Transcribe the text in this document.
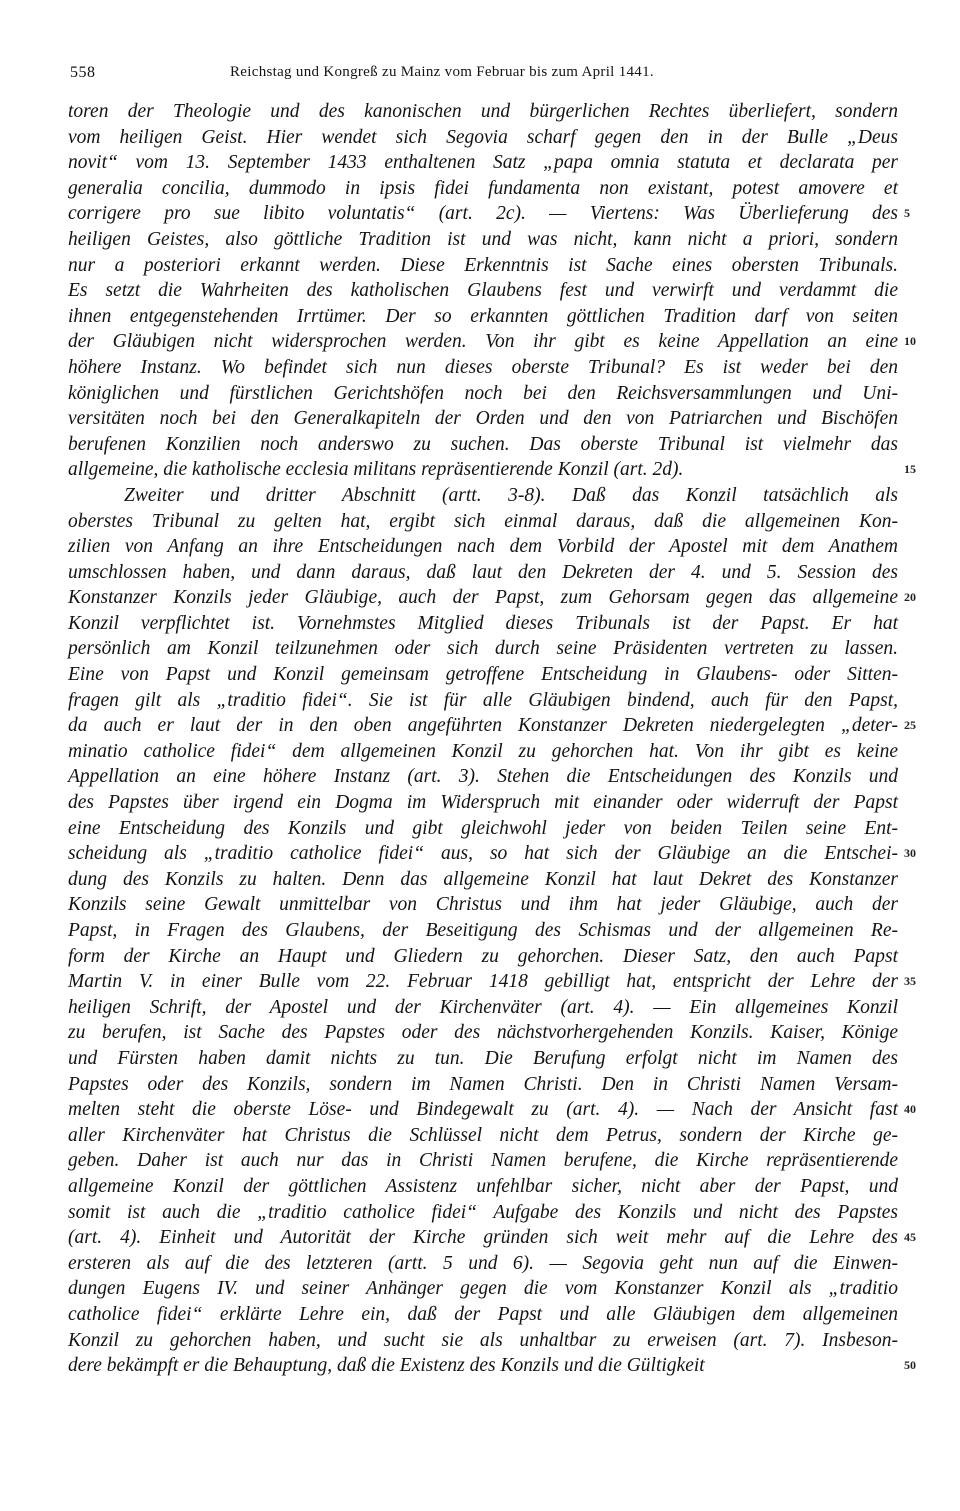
558	Reichstag und Kongreß zu Mainz vom Februar bis zum April 1441.
toren der Theologie und des kanonischen und bürgerlichen Rechtes überliefert, sondern
vom heiligen Geist. Hier wendet sich Segovia scharf gegen den in der Bulle „Deus
novit“ vom 13. September 1433 enthaltenen Satz „papa omnia statuta et declarata per
generalia concilia, dummodo in ipsis fidei fundamenta non existant, potest amovere et
corrigere pro sue libito voluntatis“ (art. 2c). — Viertens: Was Überlieferung des 5
heiligen Geistes, also göttliche Tradition ist und was nicht, kann nicht a priori, sondern
nur a posteriori erkannt werden. Diese Erkenntnis ist Sache eines obersten Tribunals.
Es setzt die Wahrheiten des katholischen Glaubens fest und verwirft und verdammt die
ihnen entgegenstehenden Irrtümer. Der so erkannten göttlichen Tradition darf von seiten
der Gläubigen nicht widersprochen werden. Von ihr gibt es keine Appellation an eine 10
höhere Instanz. Wo befindet sich nun dieses oberste Tribunal? Es ist weder bei den
königlichen und fürstlichen Gerichtshöfen noch bei den Reichsversammlungen und Uni-
versitäten noch bei den Generalkapiteln der Orden und den von Patriarchen und Bischöfen
berufenen Konzilien noch anderswo zu suchen. Das oberste Tribunal ist vielmehr das
allgemeine, die katholische ecclesia militans repräsentierende Konzil (art. 2d).	15
Zweiter und dritter Abschnitt (artt. 3-8). Daß das Konzil tatsächlich als
oberstes Tribunal zu gelten hat, ergibt sich einmal daraus, daß die allgemeinen Kon-
zilien von Anfang an ihre Entscheidungen nach dem Vorbild der Apostel mit dem Anathem
umschlossen haben, und dann daraus, daß laut den Dekreten der 4. und 5. Session des
Konstanzer Konzils jeder Gläubige, auch der Papst, zum Gehorsam gegen das allgemeine 20
Konzil verpflichtet ist. Vornehmstes Mitglied dieses Tribunals ist der Papst. Er hat
persönlich am Konzil teilzunehmen oder sich durch seine Präsidenten vertreten zu lassen.
Eine von Papst und Konzil gemeinsam getroffene Entscheidung in Glaubens- oder Sitten-
fragen gilt als „traditio fidei“. Sie ist für alle Gläubigen bindend, auch für den Papst,
da auch er laut der in den oben angeführten Konstanzer Dekreten niedergelegten „deter- 25
minatio catholice fidei“ dem allgemeinen Konzil zu gehorchen hat. Von ihr gibt es keine
Appellation an eine höhere Instanz (art. 3). Stehen die Entscheidungen des Konzils und
des Papstes über irgend ein Dogma im Widerspruch mit einander oder widerruft der Papst
eine Entscheidung des Konzils und gibt gleichwohl jeder von beiden Teilen seine Ent-
scheidung als „traditio catholice fidei“ aus, so hat sich der Gläubige an die Entschei- 30
dung des Konzils zu halten. Denn das allgemeine Konzil hat laut Dekret des Konstanzer
Konzils seine Gewalt unmittelbar von Christus und ihm hat jeder Gläubige, auch der
Papst, in Fragen des Glaubens, der Beseitigung des Schismas und der allgemeinen Re-
form der Kirche an Haupt und Gliedern zu gehorchen. Dieser Satz, den auch Papst
Martin V. in einer Bulle vom 22. Februar 1418 gebilligt hat, entspricht der Lehre der 35
heiligen Schrift, der Apostel und der Kirchenväter (art. 4). — Ein allgemeines Konzil
zu berufen, ist Sache des Papstes oder des nächstvorhergehenden Konzils. Kaiser, Könige
und Fürsten haben damit nichts zu tun. Die Berufung erfolgt nicht im Namen des
Papstes oder des Konzils, sondern im Namen Christi. Den in Christi Namen Versam-
melten steht die oberste Löse- und Bindegewalt zu (art. 4). — Nach der Ansicht fast 40
aller Kirchenväter hat Christus die Schlüssel nicht dem Petrus, sondern der Kirche ge-
geben. Daher ist auch nur das in Christi Namen berufene, die Kirche repräsentierende
allgemeine Konzil der göttlichen Assistenz unfehlbar sicher, nicht aber der Papst, und
somit ist auch die „traditio catholice fidei“ Aufgabe des Konzils und nicht des Papstes
(art. 4). Einheit und Autorität der Kirche gründen sich weit mehr auf die Lehre des 45
ersteren als auf die des letzteren (artt. 5 und 6). — Segovia geht nun auf die Einwen-
dungen Eugens IV. und seiner Anhänger gegen die vom Konstanzer Konzil als „traditio
catholice fidei“ erklärte Lehre ein, daß der Papst und alle Gläubigen dem allgemeinen
Konzil zu gehorchen haben, und sucht sie als unhaltbar zu erweisen (art. 7). Insbeson-
dere bekämpft er die Behauptung, daß die Existenz des Konzils und die Gültigkeit	50
